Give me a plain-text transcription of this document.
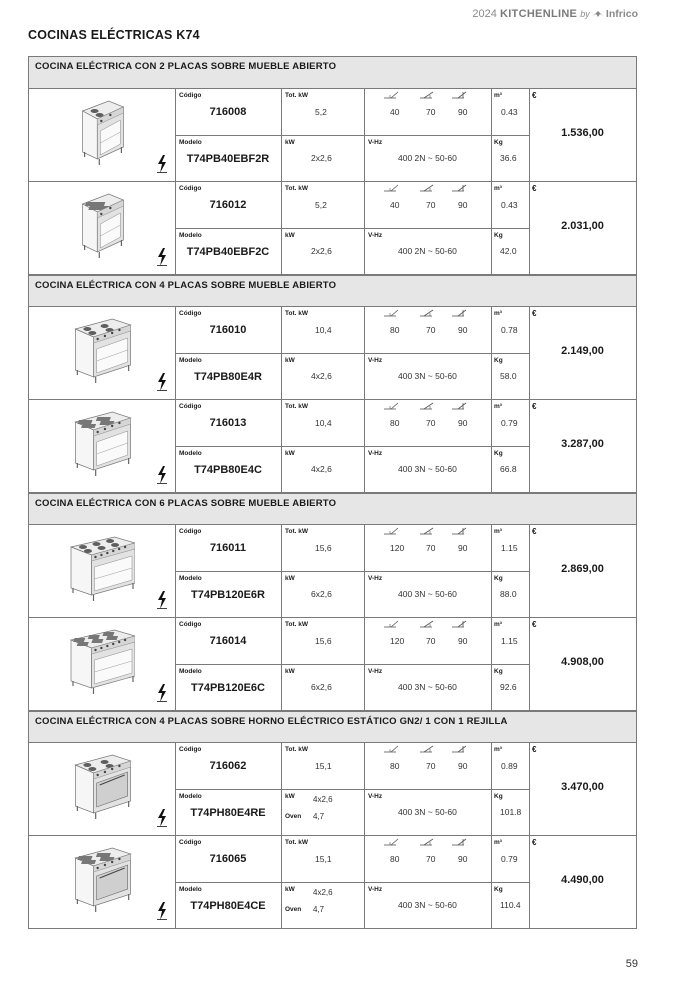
COCINAS ELÉCTRICAS K74
2024 KITCHENLINE by Infrico
COCINA ELÉCTRICA CON 2 PLACAS SOBRE MUEBLE ABIERTO
Código
716008
Tot. kW
5,2	40	70	90
m³
0.43
Modelo
T74PB40EBF2R
kW
2x2,6
V-Hz
400 2N ~ 50-60
Kg
36.6
€
1.536,00
Código
716012
Tot. kW
5,2	40	70	90
m³
0.43
Modelo
T74PB40EBF2C
kW
2x2,6
V-Hz
400 2N ~ 50-60
Kg
42.0
€
2.031,00
COCINA ELÉCTRICA CON 4 PLACAS SOBRE MUEBLE ABIERTO
Código
716010
Tot. kW
10,4	80	70	90
m³
0.78
Modelo
T74PB80E4R
kW
4x2,6
V-Hz
400 3N ~ 50-60
Kg
58.0
€
2.149,00
Código
716013
Tot. kW
10,4	80	70	90
m³
0.79
Modelo
T74PB80E4C
kW
4x2,6
V-Hz
400 3N ~ 50-60
Kg
66.8
€
3.287,00
COCINA ELÉCTRICA CON 6 PLACAS SOBRE MUEBLE ABIERTO
Código
716011
Tot. kW
15,6	120	70	90
m³
1.15
Modelo
T74PB120E6R
kW
6x2,6
V-Hz
400 3N ~ 50-60
Kg
88.0
€
2.869,00
Código
716014
Tot. kW
15,6	120	70	90
m³
1.15
Modelo
T74PB120E6C
kW
6x2,6
V-Hz
400 3N ~ 50-60
Kg
92.6
€
4.908,00
COCINA ELÉCTRICA CON 4 PLACAS SOBRE HORNO ELÉCTRICO ESTÁTICO GN2/ 1 CON 1 REJILLA
Código
716062
Tot. kW
15,1	80	70	90
m³
0.89
Modelo
T74PH80E4RE
kW 4x2,6
Oven 4,7
V-Hz
400 3N ~ 50-60
Kg
101.8
€
3.470,00
Código
716065
Tot. kW
15,1	80	70	90
m³
0.79
Modelo
T74PH80E4CE
kW 4x2,6
Oven 4,7
V-Hz
400 3N ~ 50-60
Kg
110.4
€
4.490,00
59
